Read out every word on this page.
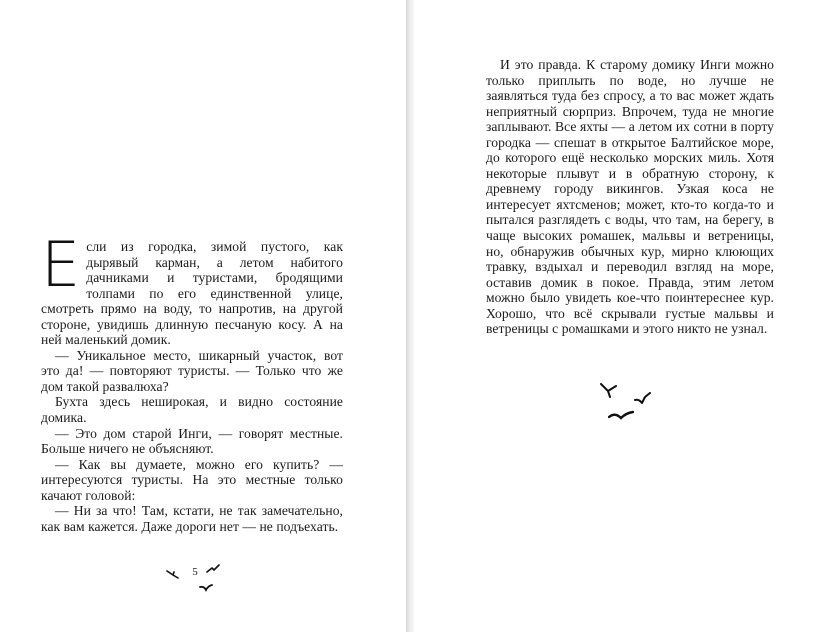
Если из городка, зимой пустого, как дырявый карман, а летом набитого дачниками и туристами, бродящими толпами по его единственной улице, смотреть прямо на воду, то напротив, на другой стороне, увидишь длинную песчаную косу. А на ней маленький домик.

— Уникальное место, шикарный участок, вот это да! — повторяют туристы. — Только что же дом такой развалюха?

Бухта здесь неширокая, и видно состояние домика.

— Это дом старой Инги, — говорят местные. Больше ничего не объясняют.

— Как вы думаете, можно его купить? — интересуются туристы. На это местные только качают головой:

— Ни за что! Там, кстати, не так замечательно, как вам кажется. Даже дороги нет — не подъехать.

5

И это правда. К старому домику Инги можно только приплыть по воде, но лучше не заявляться туда без спросу, а то вас может ждать неприятный сюрприз. Впрочем, туда не многие заплывают. Все яхты — а летом их сотни в порту городка — спешат в открытое Балтийское море, до которого ещё несколько морских миль. Хотя некоторые плывут и в обратную сторону, к древнему городу викингов. Узкая коса не интересует яхтсменов; может, кто-то когда-то и пытался разглядеть с воды, что там, на берегу, в чаще высоких ромашек, мальвы и ветреницы, но, обнаружив обычных кур, мирно клюющих травку, вздыхал и переводил взгляд на море, оставив домик в покое. Правда, этим летом можно было увидеть кое-что поинтереснее кур. Хорошо, что всё скрывали густые мальвы и ветреницы с ромашками и этого никто не узнал.
